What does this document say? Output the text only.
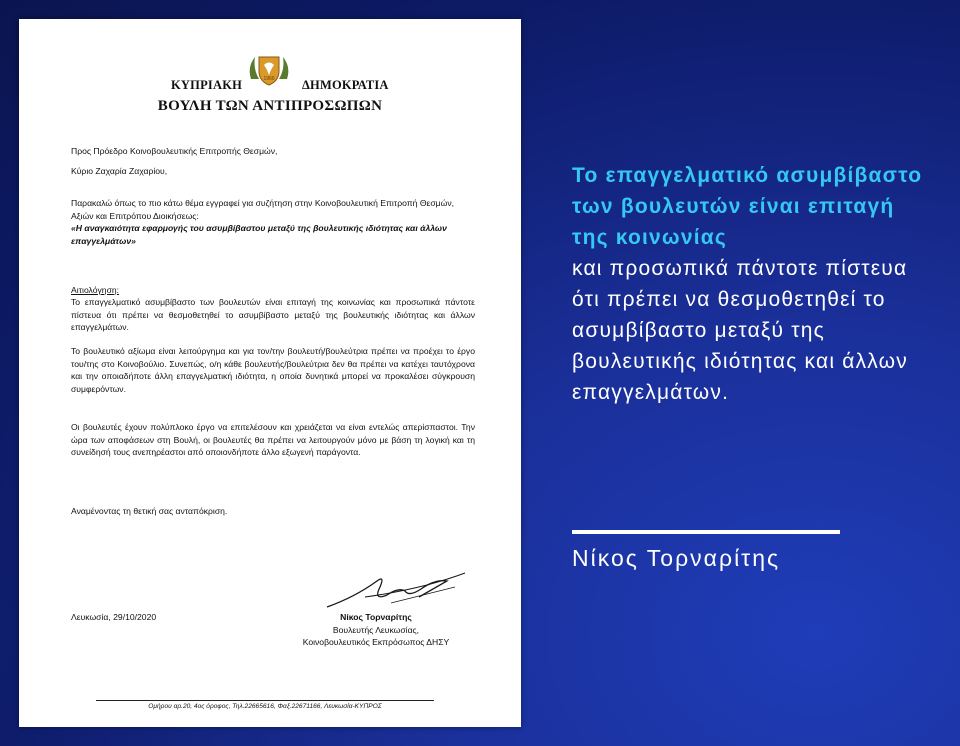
1960
ΚΥΠΡΙΑΚΗ	ΔΗΜΟΚΡΑΤΙΑ
ΒΟΥΛΗ ΤΩΝ ΑΝΤΙΠΡΟΣΩΠΩΝ

Προς Πρόεδρο Κοινοβουλευτικής Επιτροπής Θεσμών,

Κύριο Ζαχαρία Ζαχαρίου,

Παρακαλώ όπως το πιο κάτω θέμα εγγραφεί για συζήτηση στην Κοινοβουλευτική Επιτροπή Θεσμών, Αξιών και Επιτρόπου Διοικήσεως:

«Η αναγκαιότητα εφαρμογής του ασυμβίβαστου μεταξύ της βουλευτικής ιδιότητας και άλλων επαγγελμάτων»

Αιτιολόγηση:

Το επαγγελματικό ασυμβίβαστο των βουλευτών είναι επιταγή της κοινωνίας και προσωπικά πάντοτε πίστευα ότι πρέπει να θεσμοθετηθεί το ασυμβίβαστο μεταξύ της βουλευτικής ιδιότητας και άλλων επαγγελμάτων.

Το βουλευτικό αξίωμα είναι λειτούργημα και για τον/την βουλευτή/βουλεύτρια πρέπει να προέχει το έργο του/της στο Κοινοβούλιο. Συνεπώς, ο/η κάθε βουλευτής/βουλεύτρια δεν θα πρέπει να κατέχει ταυτόχρονα και την οποιαδήποτε άλλη επαγγελματική ιδιότητα, η οποία δυνητικά μπορεί να προκαλέσει σύγκρουση συμφερόντων.

Οι βουλευτές έχουν πολύπλοκο έργο να επιτελέσουν και χρειάζεται να είναι εντελώς απερίσπαστοι. Την ώρα των αποφάσεων στη Βουλή, οι βουλευτές θα πρέπει να λειτουργούν μόνο με βάση τη λογική και τη συνείδησή τους ανεπηρέαστοι από οποιονδήποτε άλλο εξωγενή παράγοντα.

Αναμένοντας τη θετική σας ανταπόκριση.

Λευκωσία, 29/10/2020	Νίκος Τορναρίτης
Βουλευτής Λευκωσίας,
Κοινοβουλευτικός Εκπρόσωπος ΔΗΣΥ
Ομήρου αρ.20, 4ος όροφος, Τηλ.22665616, Φαξ.22671166, Λευκωσία-ΚΥΠΡΟΣ

Το επαγγελματικό ασυμβίβαστο των βουλευτών είναι επιταγή της κοινωνίας
και προσωπικά πάντοτε πίστευα ότι πρέπει να θεσμοθετηθεί το ασυμβίβαστο μεταξύ της βουλευτικής ιδιότητας και άλλων επαγγελμάτων.

Νίκος Τορναρίτης
